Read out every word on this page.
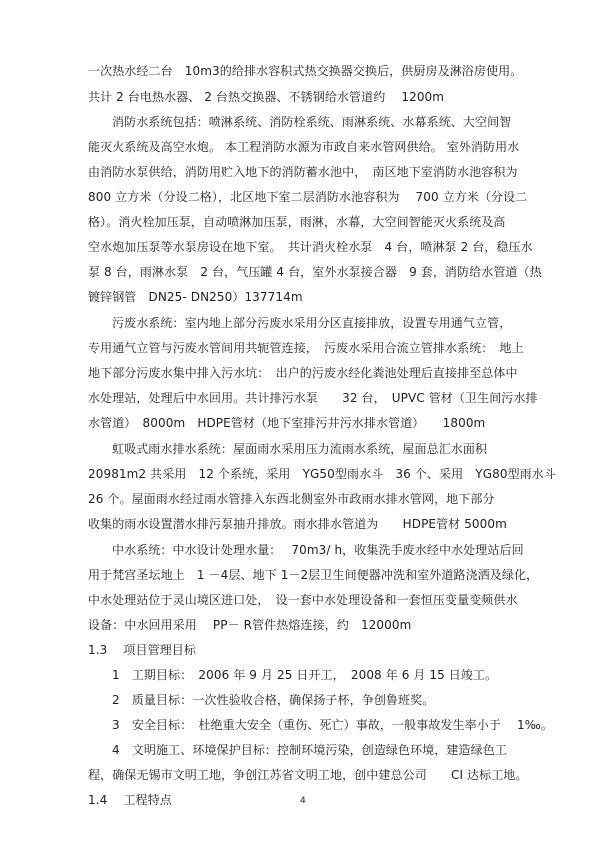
一次热水经二台　10m3的给排水容积式热交换器交换后，供厨房及淋浴房使用。
共计 2 台电热水器、 2 台热交换器、不锈钢给水管道约　 1200m
消防水系统包括：喷淋系统、消防栓系统、雨淋系统、水幕系统、大空间智
能灭火系统及高空水炮。 本工程消防水源为市政自来水管网供给。 室外消防用水
由消防水泵供给，消防用贮入地下的消防蓄水池中，　南区地下室消防水池容积为
800 立方米（分设二格），北区地下室二层消防水池容积为　 700 立方米（分设二
格）。消火栓加压泵，自动喷淋加压泵，雨淋，水幕，大空间智能灭火系统及高
空水炮加压泵等水泵房设在地下室。　共计消火栓水泵　4 台，喷淋泵 2 台，稳压水
泵 8 台，雨淋水泵　2 台，气压罐 4 台，室外水泵接合器　9 套，消防给水管道（热
镀锌钢管　DN25- DN250）137714m
污废水系统：室内地上部分污废水采用分区直接排放，设置专用通气立管，
专用通气立管与污废水管间用共轭管连接，　污废水采用合流立管排水系统：　地上
地下部分污废水集中排入污水坑：　出户的污废水经化粪池处理后直接排至总体中
水处理站，处理后中水回用。共计排污水泵　　32 台，　UPVC 管材（卫生间污水排
水管道）　8000m　HDPE管材（地下室排污井污水排水管道）　　1800m
虹吸式雨水排水系统：屋面雨水采用压力流雨水系统，屋面总汇水面积
20981m2 共采用　12 个系统，采用　YG50型雨水斗　36 个、采用　YG80型雨水斗
26 个。屋面雨水经过雨水管排入东西北侧室外市政雨水排水管网，地下部分
收集的雨水设置潜水排污泵抽升排放。雨水排水管道为　　HDPE管材 5000m
中水系统：中水设计处理水量：　 70m3/ h，收集洗手废水经中水处理站后回
用于梵宫圣坛地上　1 －4层、地下 1－2层卫生间便器冲洗和室外道路浇洒及绿化，
中水处理站位于灵山境区进口处，　设一套中水处理设备和一套恒压变量变频供水
设备：中水回用采用　 PP－ R管件热熔连接，约　12000m
1.3　 项目管理目标
1　工期目标：　2006 年 9 月 25 日开工，　2008 年 6 月 15 日竣工。
2　质量目标：一次性验收合格，确保扬子杯，争创鲁班奖。
3　安全目标：　杜绝重大安全（重伤、死亡）事故，一般事故发生率小于　 1‰。
4　文明施工、环境保护目标：控制环境污染，创造绿色环境，建造绿色工
程，确保无锡市文明工地，争创江苏省文明工地，创中建总公司　　CI 达标工地。
1.4　 工程特点	4
